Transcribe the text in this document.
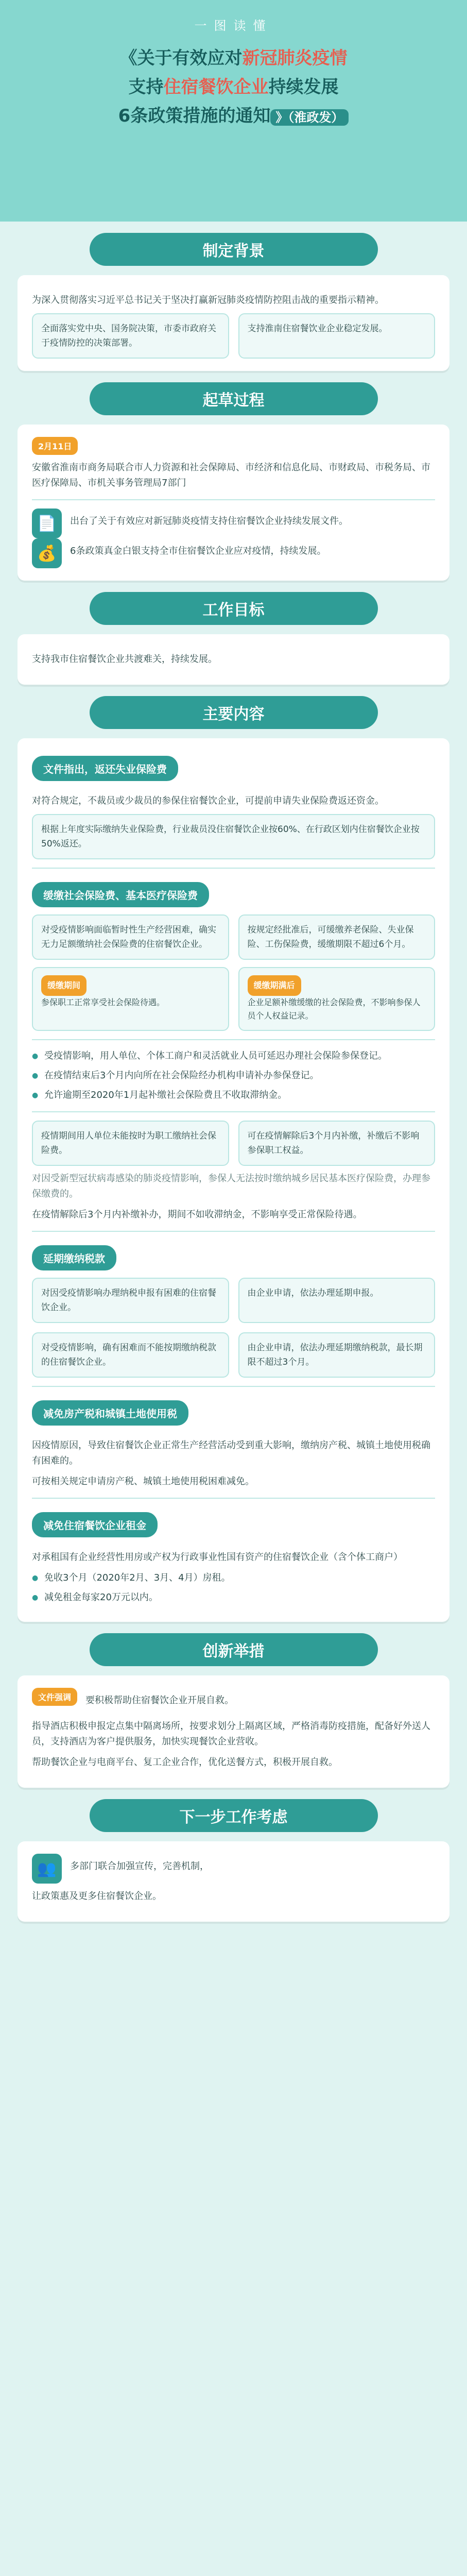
一图读懂
《关于有效应对新冠肺炎疫情
支持住宿餐饮企业持续发展
6条政策措施的通知 》（淮政发）
制定背景
为深入贯彻落实习近平总书记关于坚决打赢新冠肺炎疫情防控阻击战的重要指示精神。
全面落实党中央、国务院决策，市委市政府关于疫情防控的决策部署。
支持淮南住宿餐饮业企业稳定发展。
起草过程
2月11日
安徽省淮南市商务局联合市人力资源和社会保障局、市经济和信息化局、市财政局、市税务局、市医疗保障局、市机关事务管理局7部门
📄	出台了关于有效应对新冠肺炎疫情支持住宿餐饮企业持续发展文件。
💰	6条政策真金白银支持全市住宿餐饮企业应对疫情，持续发展。
工作目标
支持我市住宿餐饮企业共渡难关，持续发展。
主要内容
文件指出，返还失业保险费
对符合规定，不裁员或少裁员的参保住宿餐饮企业，可提前申请失业保险费返还资金。
根据上年度实际缴纳失业保险费，行业裁员没住宿餐饮企业按60%、在行政区划内住宿餐饮企业按50%返还。
缓缴社会保险费、基本医疗保险费
对受疫情影响面临暂时性生产经营困难，确实无力足额缴纳社会保险费的住宿餐饮企业。
按规定经批准后，可缓缴养老保险、失业保险、工伤保险费，缓缴期限不超过6个月。
缓缴期间
参保职工正常享受社会保险待遇。
缓缴期满后
企业足额补缴缓缴的社会保险费，不影响参保人员个人权益记录。
● 受疫情影响，用人单位、个体工商户和灵活就业人员可延迟办理社会保险参保登记。
● 在疫情结束后3个月内向所在社会保险经办机构申请补办参保登记。
● 允许逾期至2020年1月起补缴社会保险费且不收取滞纳金。
疫情期间用人单位未能按时为职工缴纳社会保险费。
可在疫情解除后3个月内补缴，补缴后不影响参保职工权益。
对因受新型冠状病毒感染的肺炎疫情影响，参保人无法按时缴纳城乡居民基本医疗保险费，办理参保缴费的。
在疫情解除后3个月内补缴补办，期间不如收滞纳金，不影响享受正常保险待遇。
延期缴纳税款
对因受疫情影响办理纳税申报有困难的住宿餐饮企业。
由企业申请，依法办理延期申报。
对受疫情影响，确有困难而不能按期缴纳税款的住宿餐饮企业。
由企业申请，依法办理延期缴纳税款，最长期限不超过3个月。
减免房产税和城镇土地使用税
因疫情原因，导致住宿餐饮企业正常生产经营活动受到重大影响，缴纳房产税、城镇土地使用税确有困难的。
可按相关规定申请房产税、城镇土地使用税困难减免。
减免住宿餐饮企业租金
对承租国有企业经营性用房或产权为行政事业性国有资产的住宿餐饮企业（含个体工商户）
● 免收3个月（2020年2月、3月、4月）房租。
● 减免租金每家20万元以内。
创新举措
文件强调	要积极帮助住宿餐饮企业开展自救。
指导酒店积极申报定点集中隔离场所，按要求划分上隔离区域，严格消毒防疫措施，配备好外送人员，支持酒店为客户提供服务，加快实现餐饮企业营收。
帮助餐饮企业与电商平台、复工企业合作，优化送餐方式，积极开展自救。
下一步工作考虑
👥	多部门联合加强宣传，完善机制，
让政策惠及更多住宿餐饮企业。
